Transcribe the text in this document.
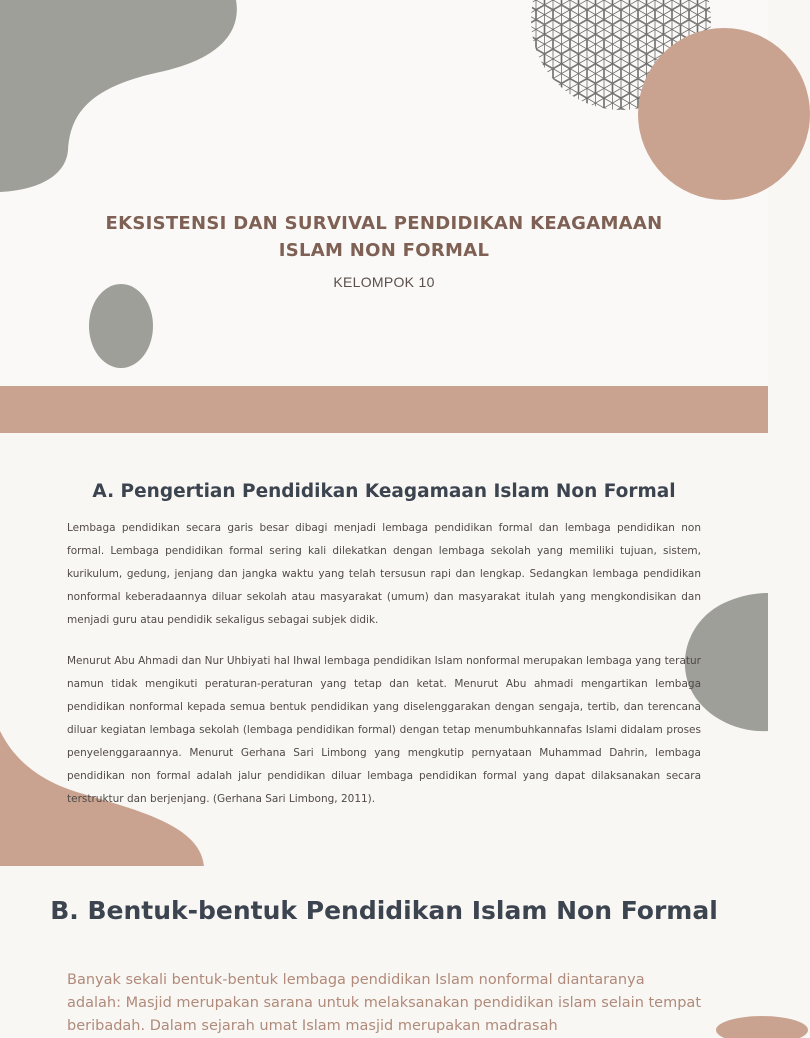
EKSISTENSI DAN SURVIVAL PENDIDIKAN KEAGAMAAN
ISLAM NON FORMAL

KELOMPOK 10

A. Pengertian Pendidikan Keagamaan Islam Non Formal

Lembaga pendidikan secara garis besar dibagi menjadi lembaga pendidikan formal dan lembaga pendidikan non formal. Lembaga pendidikan formal sering kali dilekatkan dengan lembaga sekolah yang memiliki tujuan, sistem, kurikulum, gedung, jenjang dan jangka waktu yang telah tersusun rapi dan lengkap. Sedangkan lembaga pendidikan nonformal keberadaannya diluar sekolah atau masyarakat (umum) dan masyarakat itulah yang mengkondisikan dan menjadi guru atau pendidik sekaligus sebagai subjek didik.

Menurut Abu Ahmadi dan Nur Uhbiyati hal Ihwal lembaga pendidikan Islam nonformal merupakan lembaga yang teratur namun tidak mengikuti peraturan-peraturan yang tetap dan ketat. Menurut Abu ahmadi mengartikan lembaga pendidikan nonformal kepada semua bentuk pendidikan yang diselenggarakan dengan sengaja, tertib, dan terencana diluar kegiatan lembaga sekolah (lembaga pendidikan formal) dengan tetap menumbuhkannafas Islami didalam proses penyelenggaraannya. Menurut Gerhana Sari Limbong yang mengkutip pernyataan Muhammad Dahrin, lembaga pendidikan non formal adalah jalur pendidikan diluar lembaga pendidikan formal yang dapat dilaksanakan secara terstruktur dan berjenjang. (Gerhana Sari Limbong, 2011).

B. Bentuk-bentuk Pendidikan Islam Non Formal

Banyak sekali bentuk-bentuk lembaga pendidikan Islam nonformal diantaranya adalah: Masjid merupakan sarana untuk melaksanakan pendidikan islam selain tempat beribadah. Dalam sejarah umat Islam masjid merupakan madrasah
